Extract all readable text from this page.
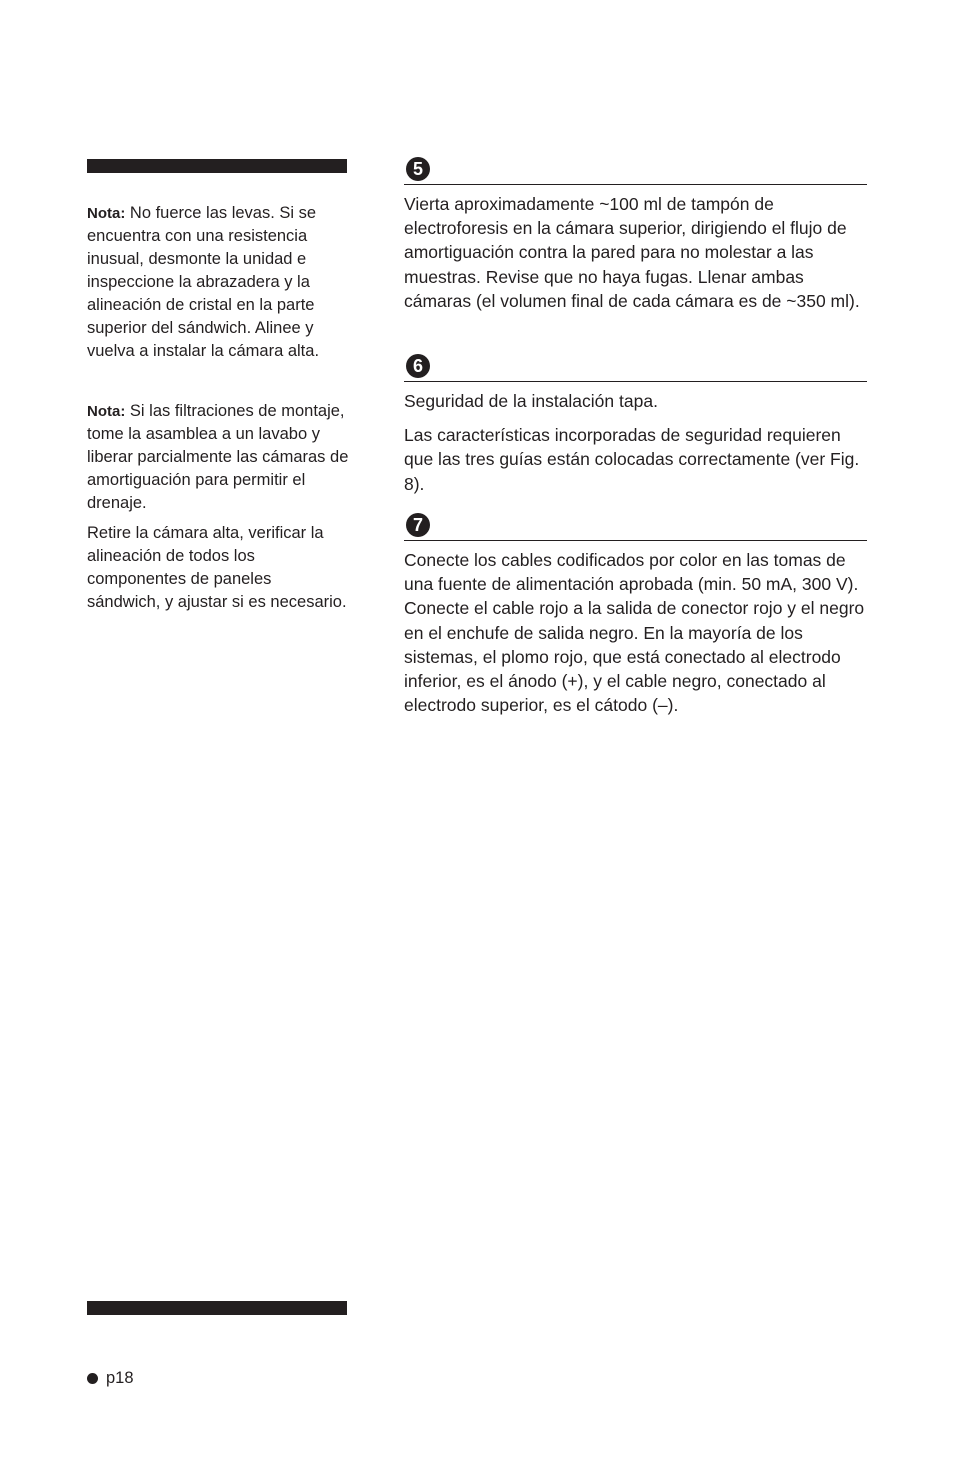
Nota: No fuerce las levas. Si se encuentra con una resistencia inusual, desmonte la unidad e inspeccione la abrazadera y la alineación de cristal en la parte superior del sándwich. Alinee y vuelva a instalar la cámara alta.

Nota: Si las filtraciones de montaje, tome la asamblea a un lavabo y liberar parcialmente las cámaras de amortiguación para permitir el drenaje.

Retire la cámara alta, verificar la alineación de todos los componentes de paneles sándwich, y ajustar si es necesario.

5

Vierta aproximadamente ~100 ml de tampón de electroforesis en la cámara superior, dirigiendo el flujo de amortiguación contra la pared para no molestar a las muestras. Revise que no haya fugas. Llenar ambas cámaras (el volumen final de cada cámara es de ~350 ml).

6

Seguridad de la instalación tapa.

Las características incorporadas de seguridad requieren que las tres guías están colocadas correctamente (ver Fig. 8).

7

Conecte los cables codificados por color en las tomas de una fuente de alimentación aprobada (min. 50 mA, 300 V). Conecte el cable rojo a la salida de conector rojo y el negro en el enchufe de salida negro. En la mayoría de los sistemas, el plomo rojo, que está conectado al electrodo inferior, es el ánodo (+), y el cable negro, conectado al electrodo superior, es el cátodo (–).

p18
